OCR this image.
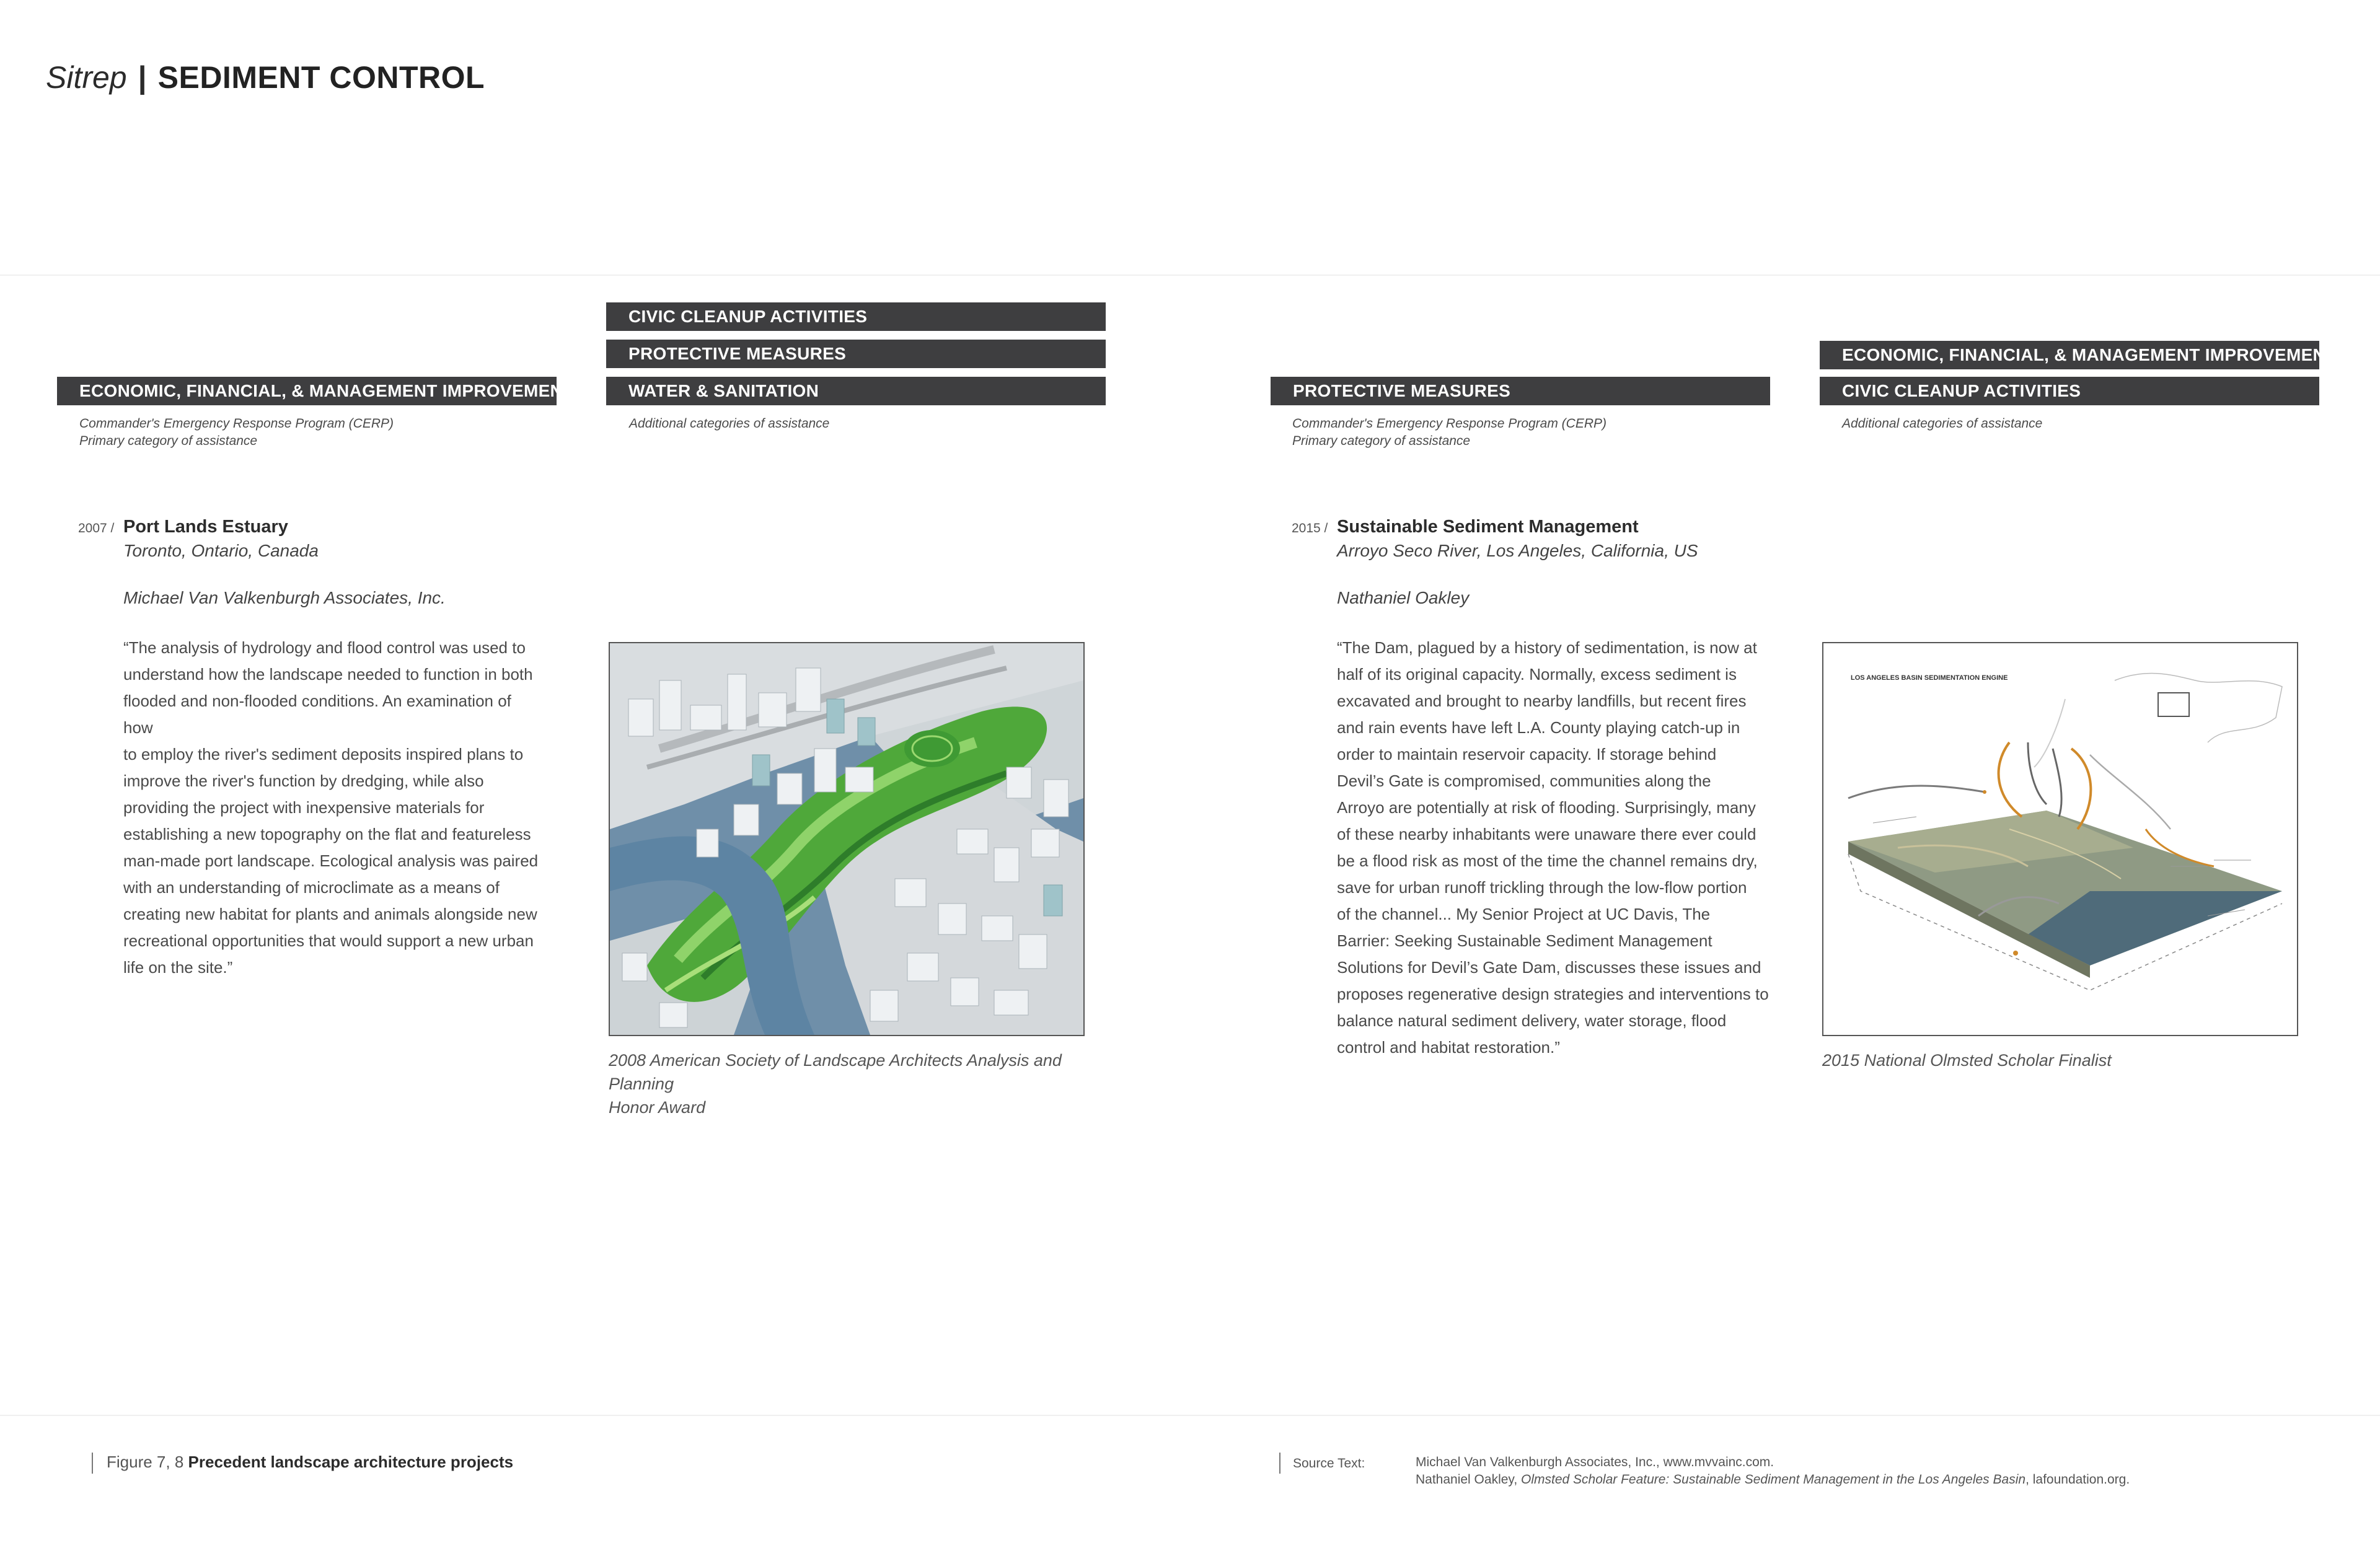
Sitrep | SEDIMENT CONTROL
ECONOMIC, FINANCIAL, & MANAGEMENT IMPROVEMENTS
Commander's Emergency Response Program (CERP)
Primary category of assistance
CIVIC CLEANUP ACTIVITIES
PROTECTIVE MEASURES
WATER & SANITATION
Additional categories of assistance
PROTECTIVE MEASURES
Commander's Emergency Response Program (CERP)
Primary category of assistance
ECONOMIC, FINANCIAL, & MANAGEMENT IMPROVEMENTS
CIVIC CLEANUP ACTIVITIES
Additional categories of assistance
2007 / Port Lands Estuary
Toronto, Ontario, Canada
Michael Van Valkenburgh Associates, Inc.

“The analysis of hydrology and flood control was used to

understand how the landscape needed to function in both

flooded and non-flooded conditions. An examination of how

to employ the river's sediment deposits inspired plans to

improve the river's function by dredging, while also

providing the project with inexpensive materials for

establishing a new topography on the flat and featureless

man-made port landscape. Ecological analysis was paired

with an understanding of microclimate as a means of

creating new habitat for plants and animals alongside new

recreational opportunities that would support a new urban

life on the site.”

2008 American Society of Landscape Architects Analysis and Planning
Honor Award
2015 / Sustainable Sediment Management
Arroyo Seco River, Los Angeles, California, US
Nathaniel Oakley

“The Dam, plagued by a history of sedimentation, is now at

half of its original capacity. Normally, excess sediment is

excavated and brought to nearby landfills, but recent fires

and rain events have left L.A. County playing catch-up in

order to maintain reservoir capacity. If storage behind

Devil’s Gate is compromised, communities along the

Arroyo are potentially at risk of flooding. Surprisingly, many

of these nearby inhabitants were unaware there ever could

be a flood risk as most of the time the channel remains dry,

save for urban runoff trickling through the low-flow portion

of the channel... My Senior Project at UC Davis, The

Barrier: Seeking Sustainable Sediment Management

Solutions for Devil’s Gate Dam, discusses these issues and

proposes regenerative design strategies and interventions to

balance natural sediment delivery, water storage, flood

control and habitat restoration.”

LOS ANGELES BASIN SEDIMENTATION ENGINE
2015 National Olmsted Scholar Finalist
Figure 7, 8 Precedent landscape architecture projects	Source Text:	Michael Van Valkenburgh Associates, Inc., www.mvvainc.com.
Nathaniel Oakley, Olmsted Scholar Feature: Sustainable Sediment Management in the Los Angeles Basin, lafoundation.org.
